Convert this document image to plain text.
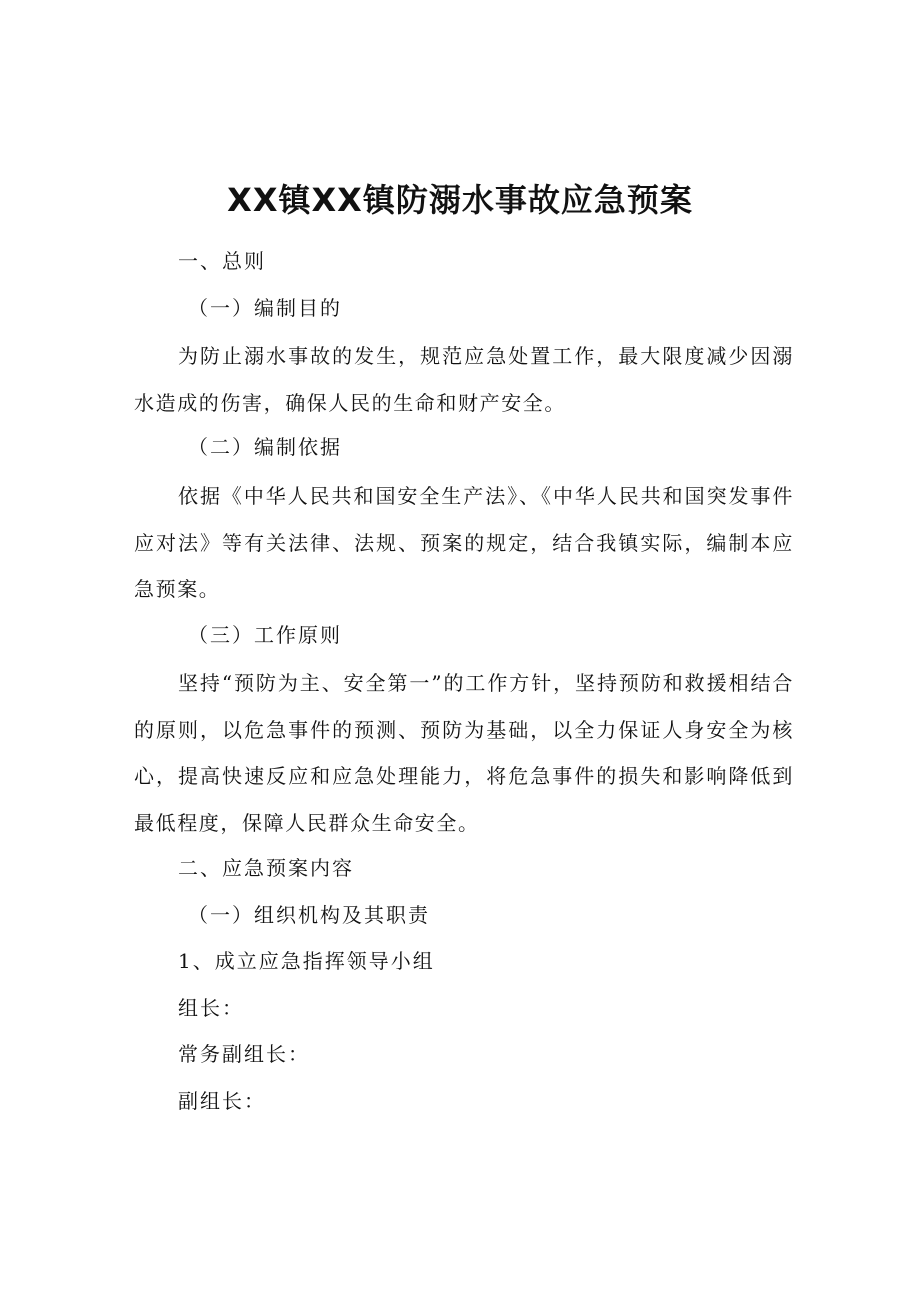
XX镇XX镇防溺水事故应急预案
一、总则
（一）编制目的
为防止溺水事故的发生，规范应急处置工作，最大限度减少因溺水造成的伤害，确保人民的生命和财产安全。
（二）编制依据
依据《中华人民共和国安全生产法》、《中华人民共和国突发事件应对法》等有关法律、法规、预案的规定，结合我镇实际，编制本应急预案。
（三）工作原则
坚持“预防为主、安全第一”的工作方针，坚持预防和救援相结合的原则，以危急事件的预测、预防为基础，以全力保证人身安全为核心，提高快速反应和应急处理能力，将危急事件的损失和影响降低到最低程度，保障人民群众生命安全。
二、应急预案内容
（一）组织机构及其职责
1、成立应急指挥领导小组
组长：
常务副组长：
副组长：
